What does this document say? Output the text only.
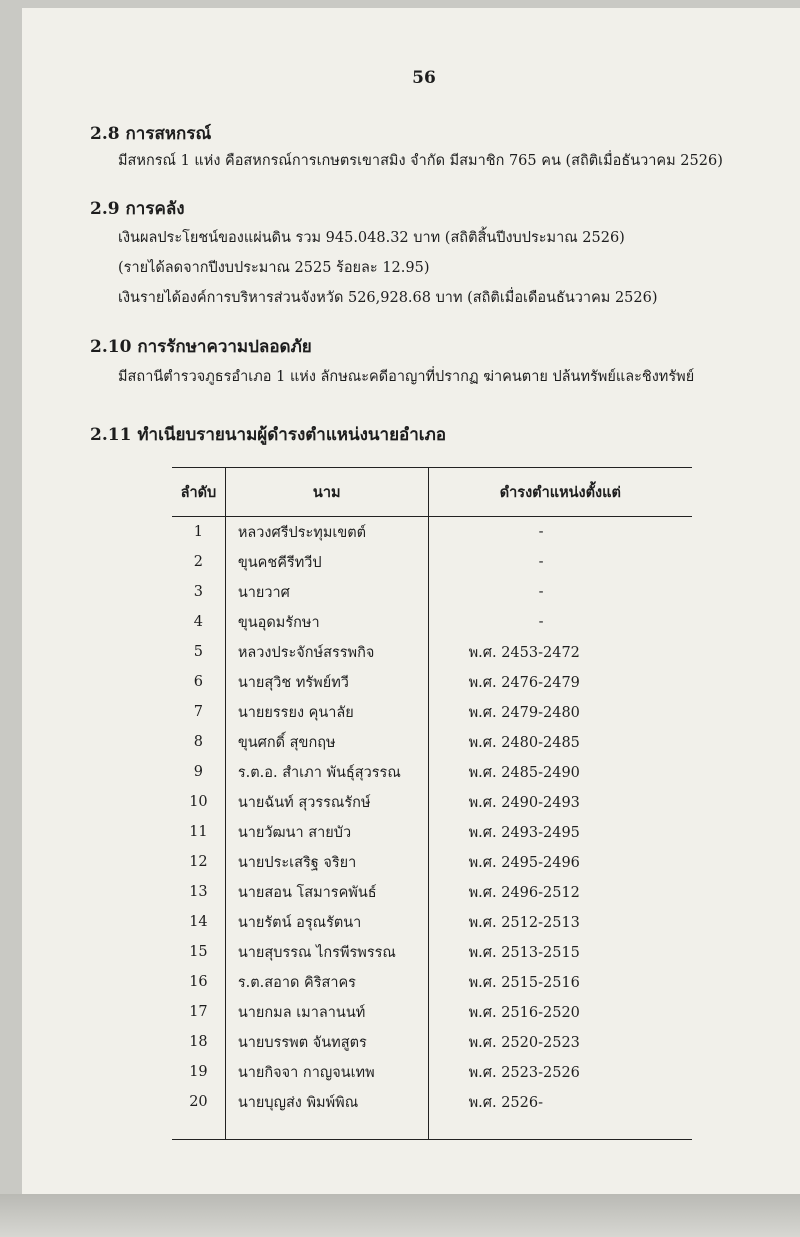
56
2.8 การสหกรณ์
มีสหกรณ์ 1 แห่ง คือสหกรณ์การเกษตรเขาสมิง จำกัด มีสมาชิก 765 คน (สถิติเมื่อธันวาคม 2526)
2.9 การคลัง
เงินผลประโยชน์ของแผ่นดิน รวม 945.048.32 บาท (สถิติสิ้นปีงบประมาณ 2526)
(รายได้ลดจากปีงบประมาณ 2525 ร้อยละ 12.95)
เงินรายได้องค์การบริหารส่วนจังหวัด 526,928.68 บาท (สถิติเมื่อเดือนธันวาคม 2526)
2.10 การรักษาความปลอดภัย
มีสถานีตำรวจภูธรอำเภอ 1 แห่ง ลักษณะคดีอาญาที่ปรากฏ ฆ่าคนตาย ปล้นทรัพย์และชิงทรัพย์
2.11 ทำเนียบรายนามผู้ดำรงตำแหน่งนายอำเภอ
ลำดับ	นาม	ดำรงตำแหน่งตั้งแต่
1	หลวงศรีประทุมเขตต์	-
2	ขุนคชคีรีทวีป	-
3	นายวาศ	-
4	ขุนอุดมรักษา	-
5	หลวงประจักษ์สรรพกิจ	พ.ศ. 2453-2472
6	นายสุวิช ทรัพย์ทวี	พ.ศ. 2476-2479
7	นายยรรยง คุนาลัย	พ.ศ. 2479-2480
8	ขุนศกดิ์ สุขกฤษ	พ.ศ. 2480-2485
9	ร.ต.อ. สำเภา พันธุ์สุวรรณ	พ.ศ. 2485-2490
10	นายฉันท์ สุวรรณรักษ์	พ.ศ. 2490-2493
11	นายวัฒนา สายบัว	พ.ศ. 2493-2495
12	นายประเสริฐ จริยา	พ.ศ. 2495-2496
13	นายสอน โสมารคพันธ์	พ.ศ. 2496-2512
14	นายรัตน์ อรุณรัตนา	พ.ศ. 2512-2513
15	นายสุบรรณ ไกรพีรพรรณ	พ.ศ. 2513-2515
16	ร.ต.สอาด คิริสาคร	พ.ศ. 2515-2516
17	นายกมล เมาลานนท์	พ.ศ. 2516-2520
18	นายบรรพต จันทสูตร	พ.ศ. 2520-2523
19	นายกิจจา กาญจนเทพ	พ.ศ. 2523-2526
20	นายบุญส่ง พิมพ์พิณ	พ.ศ. 2526-
